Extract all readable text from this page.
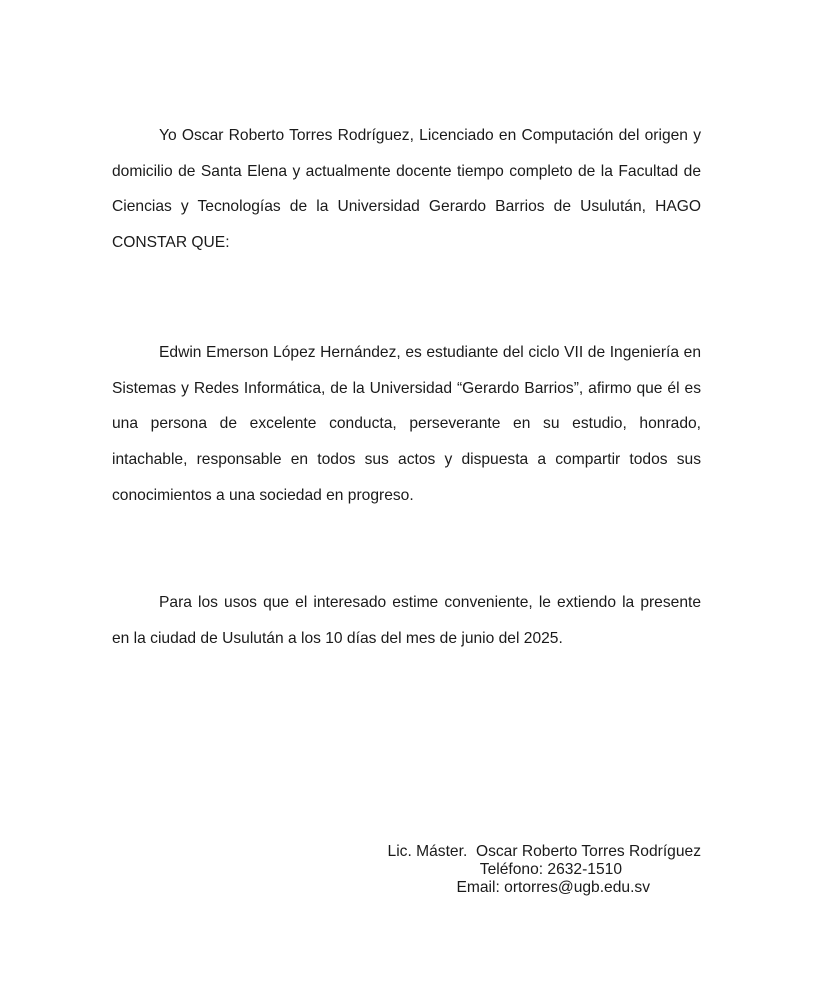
Yo Oscar Roberto Torres Rodríguez, Licenciado en Computación del origen y domicilio de Santa Elena y actualmente docente tiempo completo de la Facultad de Ciencias y Tecnologías de la Universidad Gerardo Barrios de Usulután, HAGO CONSTAR QUE:

Edwin Emerson López Hernández, es estudiante del ciclo VII de Ingeniería en Sistemas y Redes Informática, de la Universidad “Gerardo Barrios”, afirmo que él es una persona de excelente conducta, perseverante en su estudio, honrado, intachable, responsable en todos sus actos y dispuesta a compartir todos sus conocimientos a una sociedad en progreso.

Para los usos que el interesado estime conveniente, le extiendo la presente en la ciudad de Usulután a los 10 días del mes de junio del 2025.

Lic. Máster.  Oscar Roberto Torres Rodríguez
Teléfono: 2632-1510
Email: ortorres@ugb.edu.sv
